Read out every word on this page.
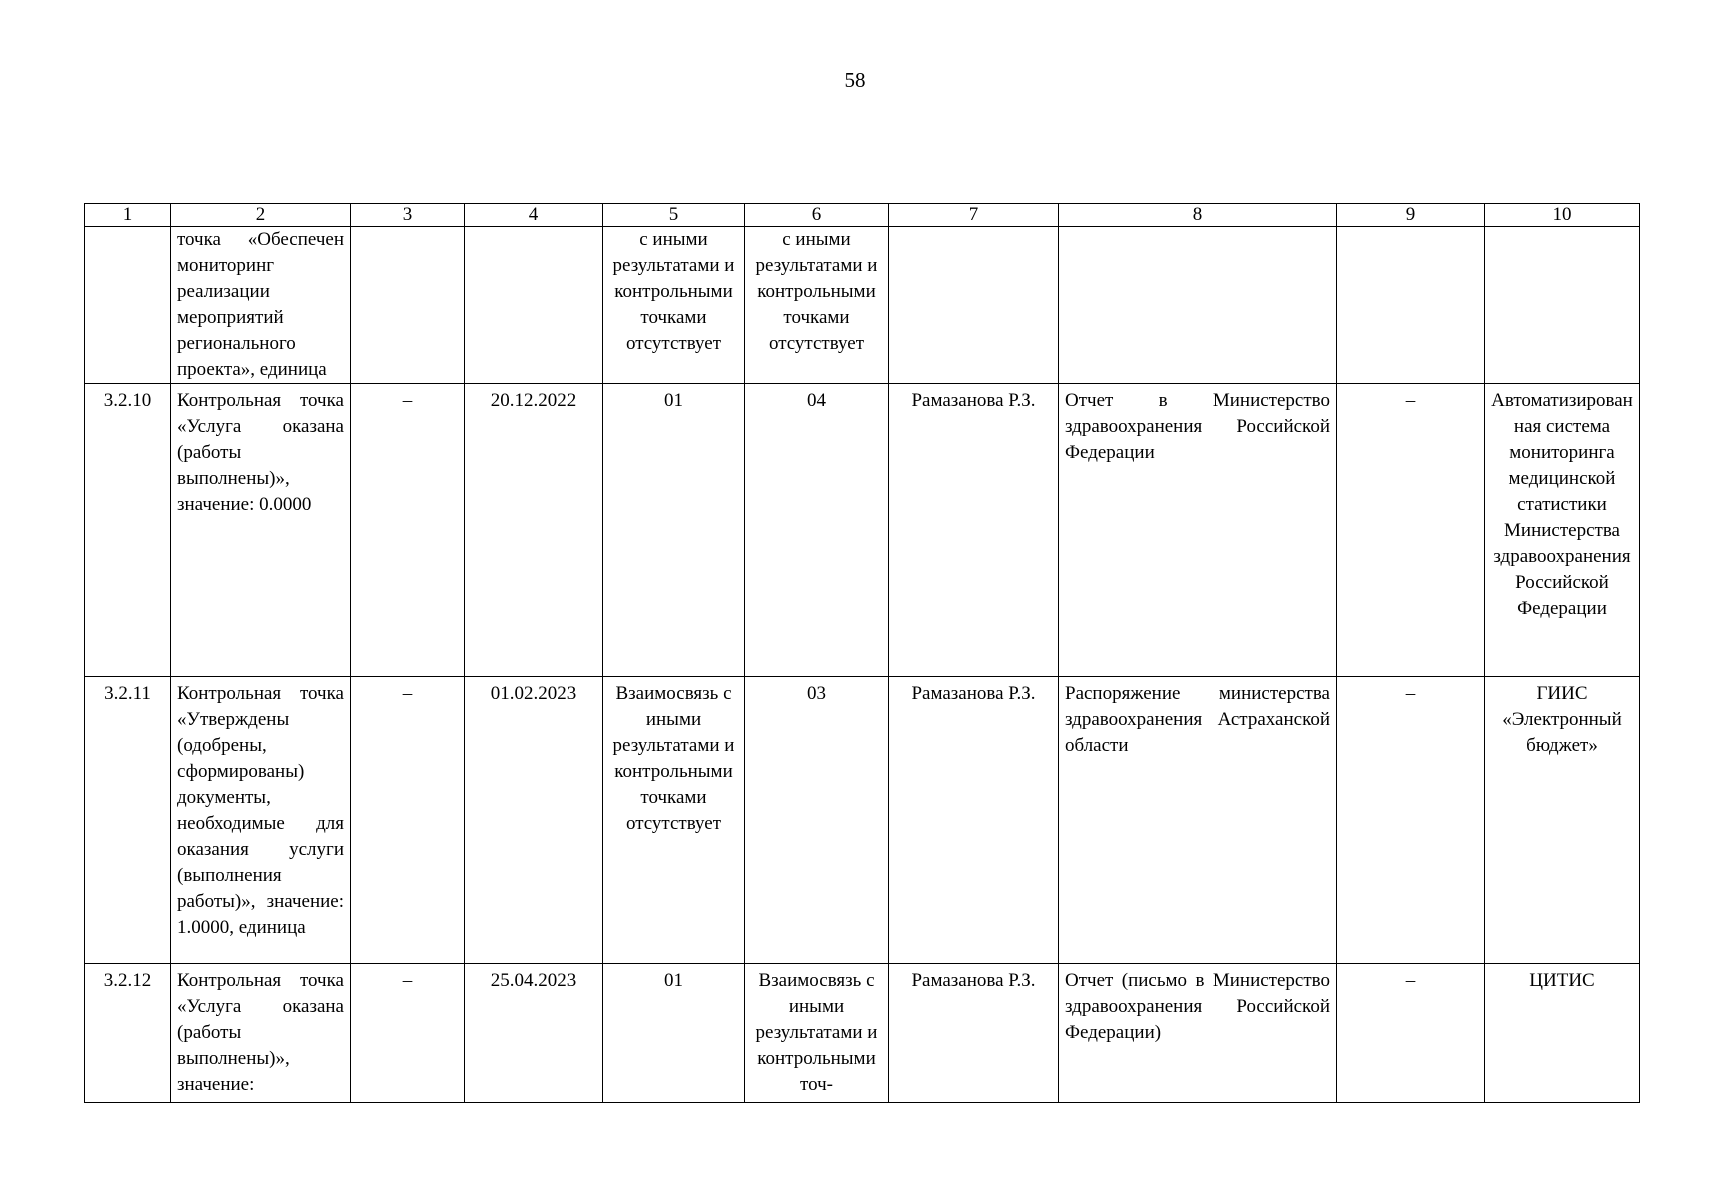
58
1	2	3	4	5	6	7	8	9	10
	точка «Обеспечен мониторинг реализации мероприятий регионального проекта», единица			с иными результатами и контрольными точками отсутствует	с иными результатами и контрольными точками отсутствует				
3.2.10	Контрольная точка «Услуга оказана (работы выполнены)», значение: 0.0000	–	20.12.2022	01	04	Рамазанова Р.З.	Отчет в Министерство здравоохранения Российской Федерации	–	Автоматизированная система мониторинга медицинской статистики Министерства здравоохранения Российской Федерации
3.2.11	Контрольная точка «Утверждены (одобрены, сформированы) документы, необходимые для оказания услуги (выполнения работы)», значение: 1.0000, единица	–	01.02.2023	Взаимосвязь с иными результатами и контрольными точками отсутствует	03	Рамазанова Р.З.	Распоряжение министерства здравоохранения Астраханской области	–	ГИИС «Электронный бюджет»
3.2.12	Контрольная точка «Услуга оказана (работы выполнены)», значение:	–	25.04.2023	01	Взаимосвязь с иными результатами и контрольными точ-	Рамазанова Р.З.	Отчет (письмо в Министерство здравоохранения Российской Федерации)	–	ЦИТИС
